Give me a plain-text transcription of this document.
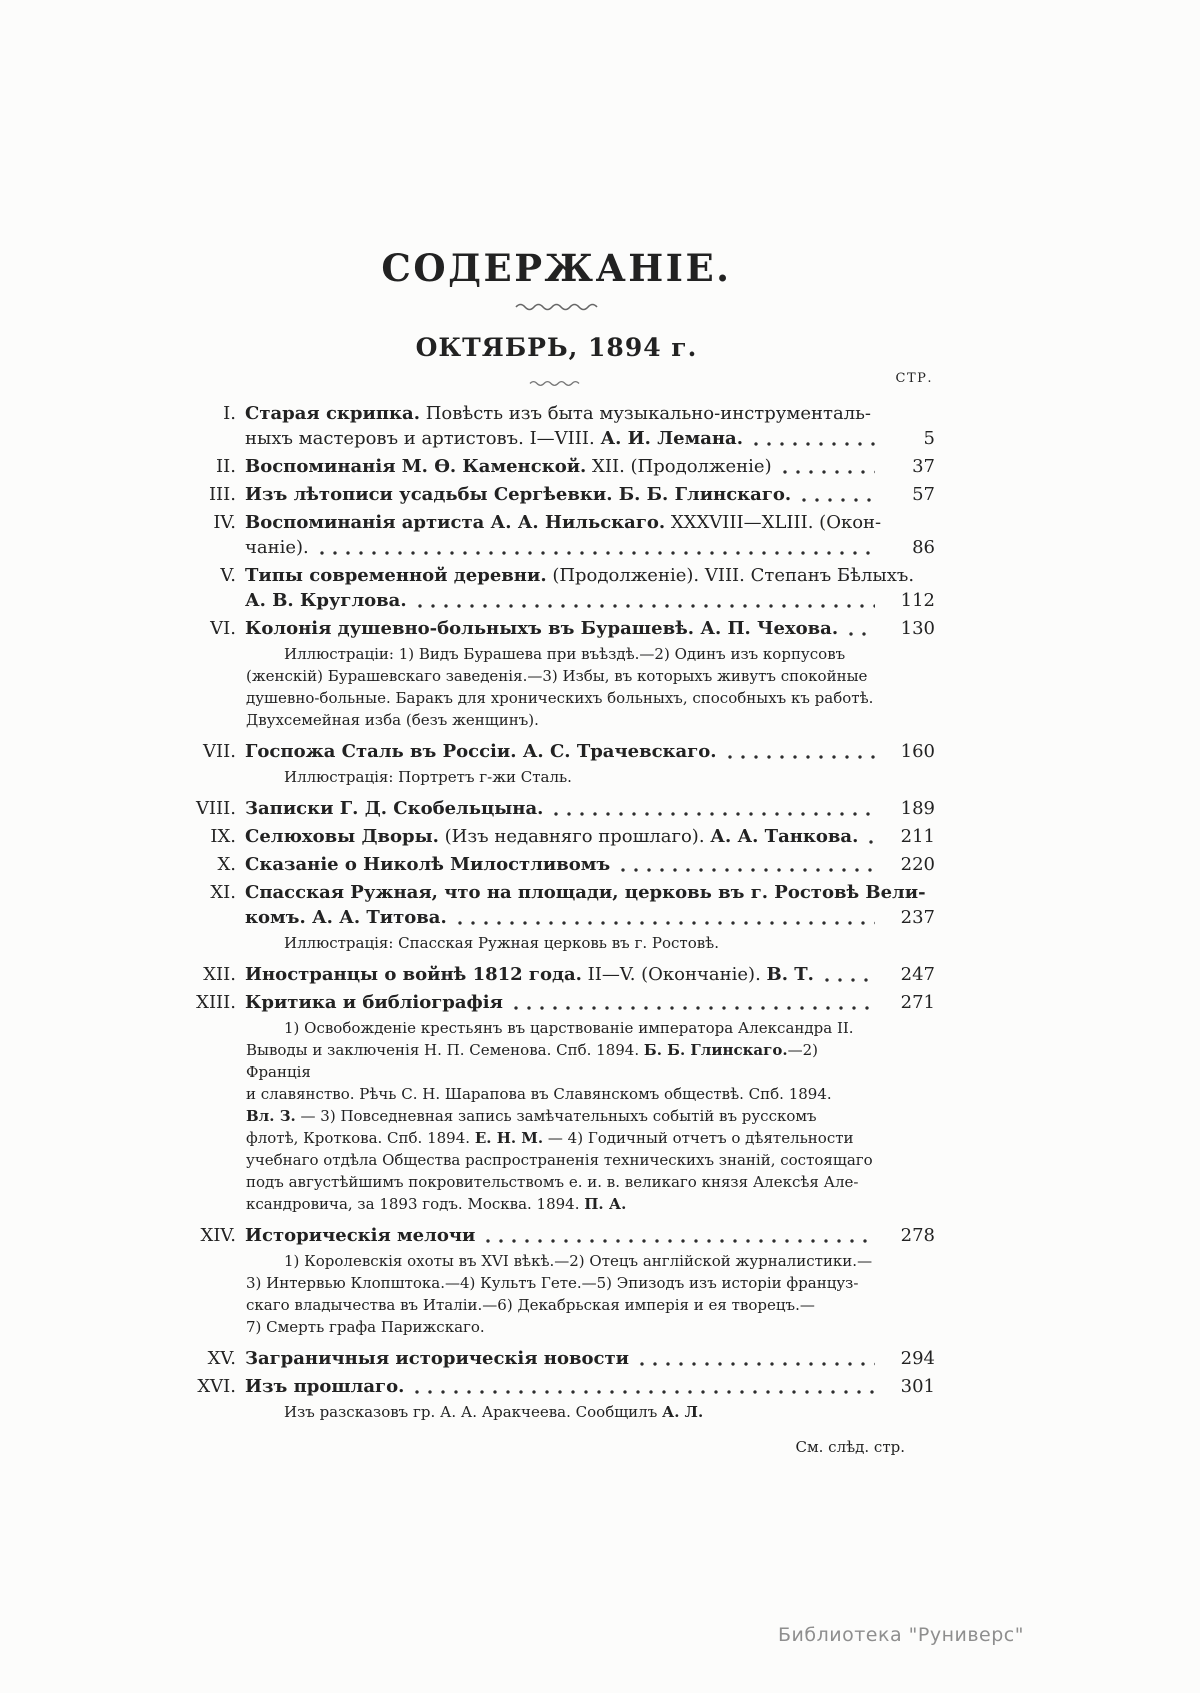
СОДЕРЖАНІЕ.
ОКТЯБРЬ, 1894 г.
СТР.
I. Старая скрипка. Повѣсть изъ быта музыкально-инструменталь-
ныхъ мастеровъ и артистовъ. I—VIII. А. И. Лемана.	5
II. Воспоминанія М. Ѳ. Каменской. XII. (Продолженіе)	37
III. Изъ лѣтописи усадьбы Сергѣевки. Б. Б. Глинскаго.	57
IV. Воспоминанія артиста А. А. Нильскаго. XXXVIII—XLIII. (Окон-
чаніе).	86
V. Типы современной деревни. (Продолженіе). VIII. Степанъ Бѣлыхъ.
А. В. Круглова.	112
VI. Колонія душевно-больныхъ въ Бурашевѣ. А. П. Чехова.	130
Иллюстраціи: 1) Видъ Бурашева при въѣздѣ.—2) Одинъ изъ корпусовъ
(женскій) Бурашевскаго заведенія.—3) Избы, въ которыхъ живутъ спокойные
душевно-больные. Баракъ для хроническихъ больныхъ, способныхъ къ работѣ.
Двухсемейная изба (безъ женщинъ).
VII. Госпожа Сталь въ Россіи. А. С. Трачевскаго.	160
Иллюстрація: Портретъ г-жи Сталь.
VIII. Записки Г. Д. Скобельцына.	189
IX. Селюховы Дворы. (Изъ недавняго прошлаго). А. А. Танкова.	211
X. Сказаніе о Николѣ Милостливомъ	220
XI. Спасская Ружная, что на площади, церковь въ г. Ростовѣ Вели-
комъ. А. А. Титова.	237
Иллюстрація: Спасская Ружная церковь въ г. Ростовѣ.
XII. Иностранцы о войнѣ 1812 года. II—V. (Окончаніе). В. Т.	247
XIII. Критика и библіографія	271
1) Освобожденіе крестьянъ въ царствованіе императора Александра II.
Выводы и заключенія Н. П. Семенова. Спб. 1894. Б. Б. Глинскаго.—2) Франція
и славянство. Рѣчь С. Н. Шарапова въ Славянскомъ обществѣ. Спб. 1894.
Вл. З. — 3) Повседневная запись замѣчательныхъ событій въ русскомъ
флотѣ, Кроткова. Спб. 1894. Е. Н. М. — 4) Годичный отчетъ о дѣятельности
учебнаго отдѣла Общества распространенія техническихъ знаній, состоящаго
подъ августѣйшимъ покровительствомъ е. и. в. великаго князя Алексѣя Але-
ксандровича, за 1893 годъ. Москва. 1894. П. А.
XIV. Историческія мелочи	278
1) Королевскія охоты въ XVI вѣкѣ.—2) Отецъ англійской журналистики.—
3) Интервью Клопштока.—4) Культъ Гете.—5) Эпизодъ изъ исторіи француз-
скаго владычества въ Италіи.—6) Декабрьская имперія и ея творецъ.—
7) Смерть графа Парижскаго.
XV. Заграничныя историческія новости	294
XVI. Изъ прошлаго.	301
Изъ разсказовъ гр. А. А. Аракчеева. Сообщилъ А. Л.
См. слѣд. стр.
Библиотека "Руниверс"
